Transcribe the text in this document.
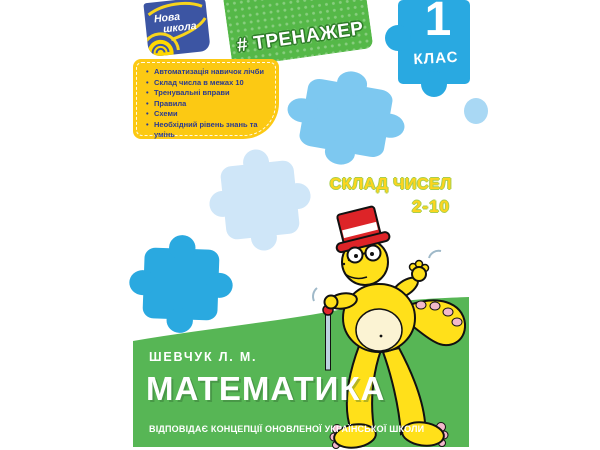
1
КЛАС
Нова
школа # ТРЕНАЖЕР
• Автоматизація навичок лічби
• Склад числа в межах 10
• Тренувальні вправи
• Правила
• Схеми
• Необхідний рівень знань та умінь
СКЛАД ЧИСЕЛ
2-10
ШЕВЧУК Л. М.
МАТЕМАТИКА
ВІДПОВІДАЄ КОНЦЕПЦІЇ ОНОВЛЕНОЇ УКРАЇНСЬКОЇ ШКОЛИ
